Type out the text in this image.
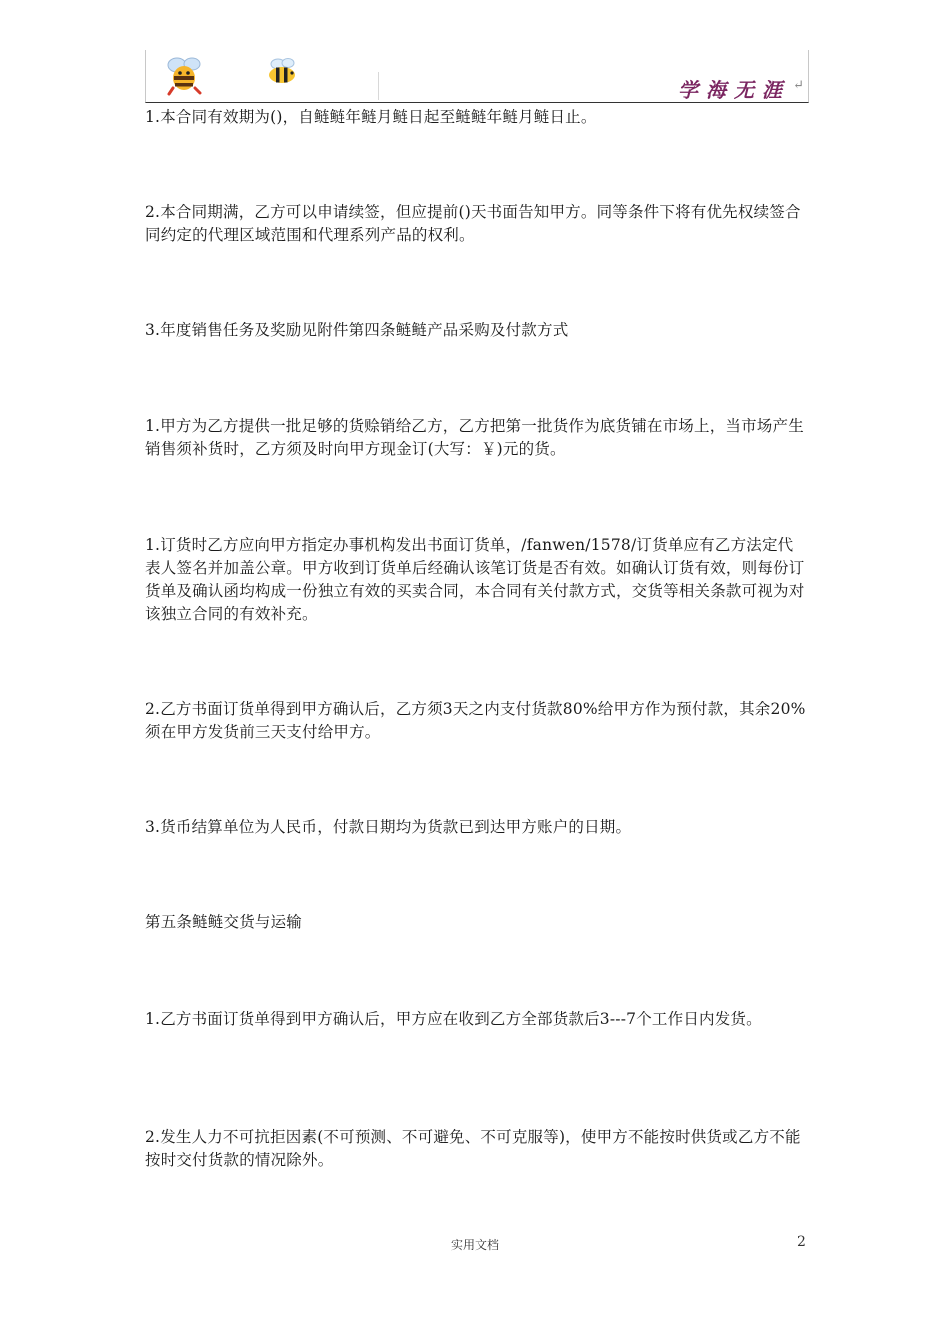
学海无涯 ↵

1.本合同有效期为()，自鲢鲢年鲢月鲢日起至鲢鲢年鲢月鲢日止。

2.本合同期满，乙方可以申请续签，但应提前()天书面告知甲方。同等条件下将有优先权续签合同约定的代理区域范围和代理系列产品的权利。

3.年度销售任务及奖励见附件第四条鲢鲢产品采购及付款方式

1.甲方为乙方提供一批足够的货赊销给乙方，乙方把第一批货作为底货铺在市场上，当市场产生销售须补货时，乙方须及时向甲方现金订(大写：￥)元的货。

1.订货时乙方应向甲方指定办事机构发出书面订货单，/fanwen/1578/订货单应有乙方法定代表人签名并加盖公章。甲方收到订货单后经确认该笔订货是否有效。如确认订货有效，则每份订货单及确认函均构成一份独立有效的买卖合同，本合同有关付款方式，交货等相关条款可视为对该独立合同的有效补充。

2.乙方书面订货单得到甲方确认后，乙方须3天之内支付货款80%给甲方作为预付款，其余20%须在甲方发货前三天支付给甲方。

3.货币结算单位为人民币，付款日期均为货款已到达甲方账户的日期。

第五条鲢鲢交货与运输

1.乙方书面订货单得到甲方确认后，甲方应在收到乙方全部货款后3---7个工作日内发货。

2.发生人力不可抗拒因素(不可预测、不可避免、不可克服等)，使甲方不能按时供货或乙方不能按时交付货款的情况除外。

实用文档	2
